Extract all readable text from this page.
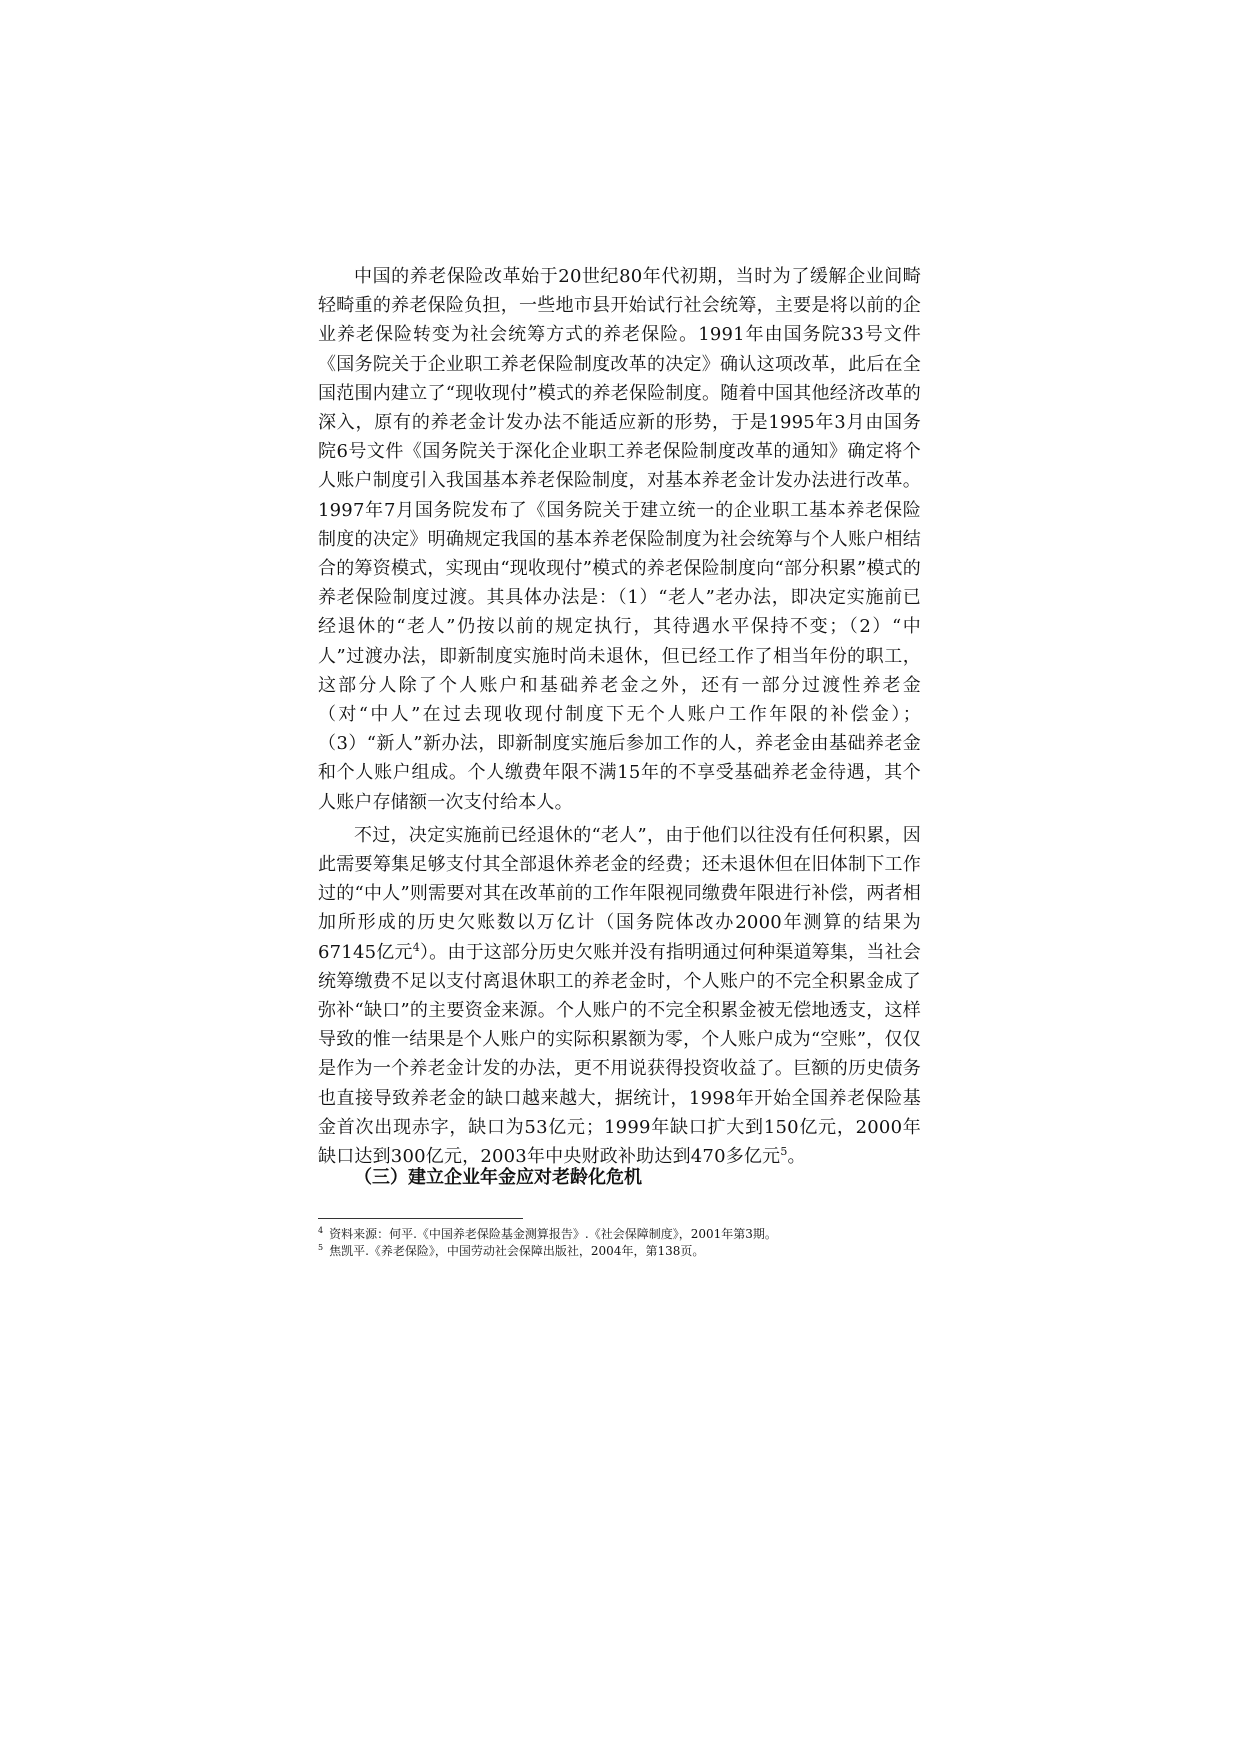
中国的养老保险改革始于20世纪80年代初期，当时为了缓解企业间畸轻畸重的养老保险负担，一些地市县开始试行社会统筹，主要是将以前的企业养老保险转变为社会统筹方式的养老保险。1991年由国务院33号文件《国务院关于企业职工养老保险制度改革的决定》确认这项改革，此后在全国范围内建立了“现收现付”模式的养老保险制度。随着中国其他经济改革的深入，原有的养老金计发办法不能适应新的形势，于是1995年3月由国务院6号文件《国务院关于深化企业职工养老保险制度改革的通知》确定将个人账户制度引入我国基本养老保险制度，对基本养老金计发办法进行改革。1997年7月国务院发布了《国务院关于建立统一的企业职工基本养老保险制度的决定》明确规定我国的基本养老保险制度为社会统筹与个人账户相结合的筹资模式，实现由“现收现付”模式的养老保险制度向“部分积累”模式的养老保险制度过渡。其具体办法是：（1）“老人”老办法，即决定实施前已经退休的“老人”仍按以前的规定执行，其待遇水平保持不变；（2）“中人”过渡办法，即新制度实施时尚未退休，但已经工作了相当年份的职工，这部分人除了个人账户和基础养老金之外，还有一部分过渡性养老金（对“中人”在过去现收现付制度下无个人账户工作年限的补偿金）；（3）“新人”新办法，即新制度实施后参加工作的人，养老金由基础养老金和个人账户组成。个人缴费年限不满15年的不享受基础养老金待遇，其个人账户存储额一次支付给本人。

不过，决定实施前已经退休的“老人”，由于他们以往没有任何积累，因此需要筹集足够支付其全部退休养老金的经费；还未退休但在旧体制下工作过的“中人”则需要对其在改革前的工作年限视同缴费年限进行补偿，两者相加所形成的历史欠账数以万亿计（国务院体改办2000年测算的结果为67145亿元$^4$）。由于这部分历史欠账并没有指明通过何种渠道筹集，当社会统筹缴费不足以支付离退休职工的养老金时，个人账户的不完全积累金成了弥补“缺口”的主要资金来源。个人账户的不完全积累金被无偿地透支，这样导致的惟一结果是个人账户的实际积累额为零，个人账户成为“空账”，仅仅是作为一个养老金计发的办法，更不用说获得投资收益了。巨额的历史债务也直接导致养老金的缺口越来越大，据统计，1998年开始全国养老保险基金首次出现赤字，缺口为53亿元；1999年缺口扩大到150亿元，2000年缺口达到300亿元，2003年中央财政补助达到470多亿元$^5$。

（三）建立企业年金应对老龄化危机

$^4$ 资料来源：何平.《中国养老保险基金测算报告》.《社会保障制度》，2001年第3期。

$^5$ 焦凯平.《养老保险》，中国劳动社会保障出版社，2004年，第138页。
